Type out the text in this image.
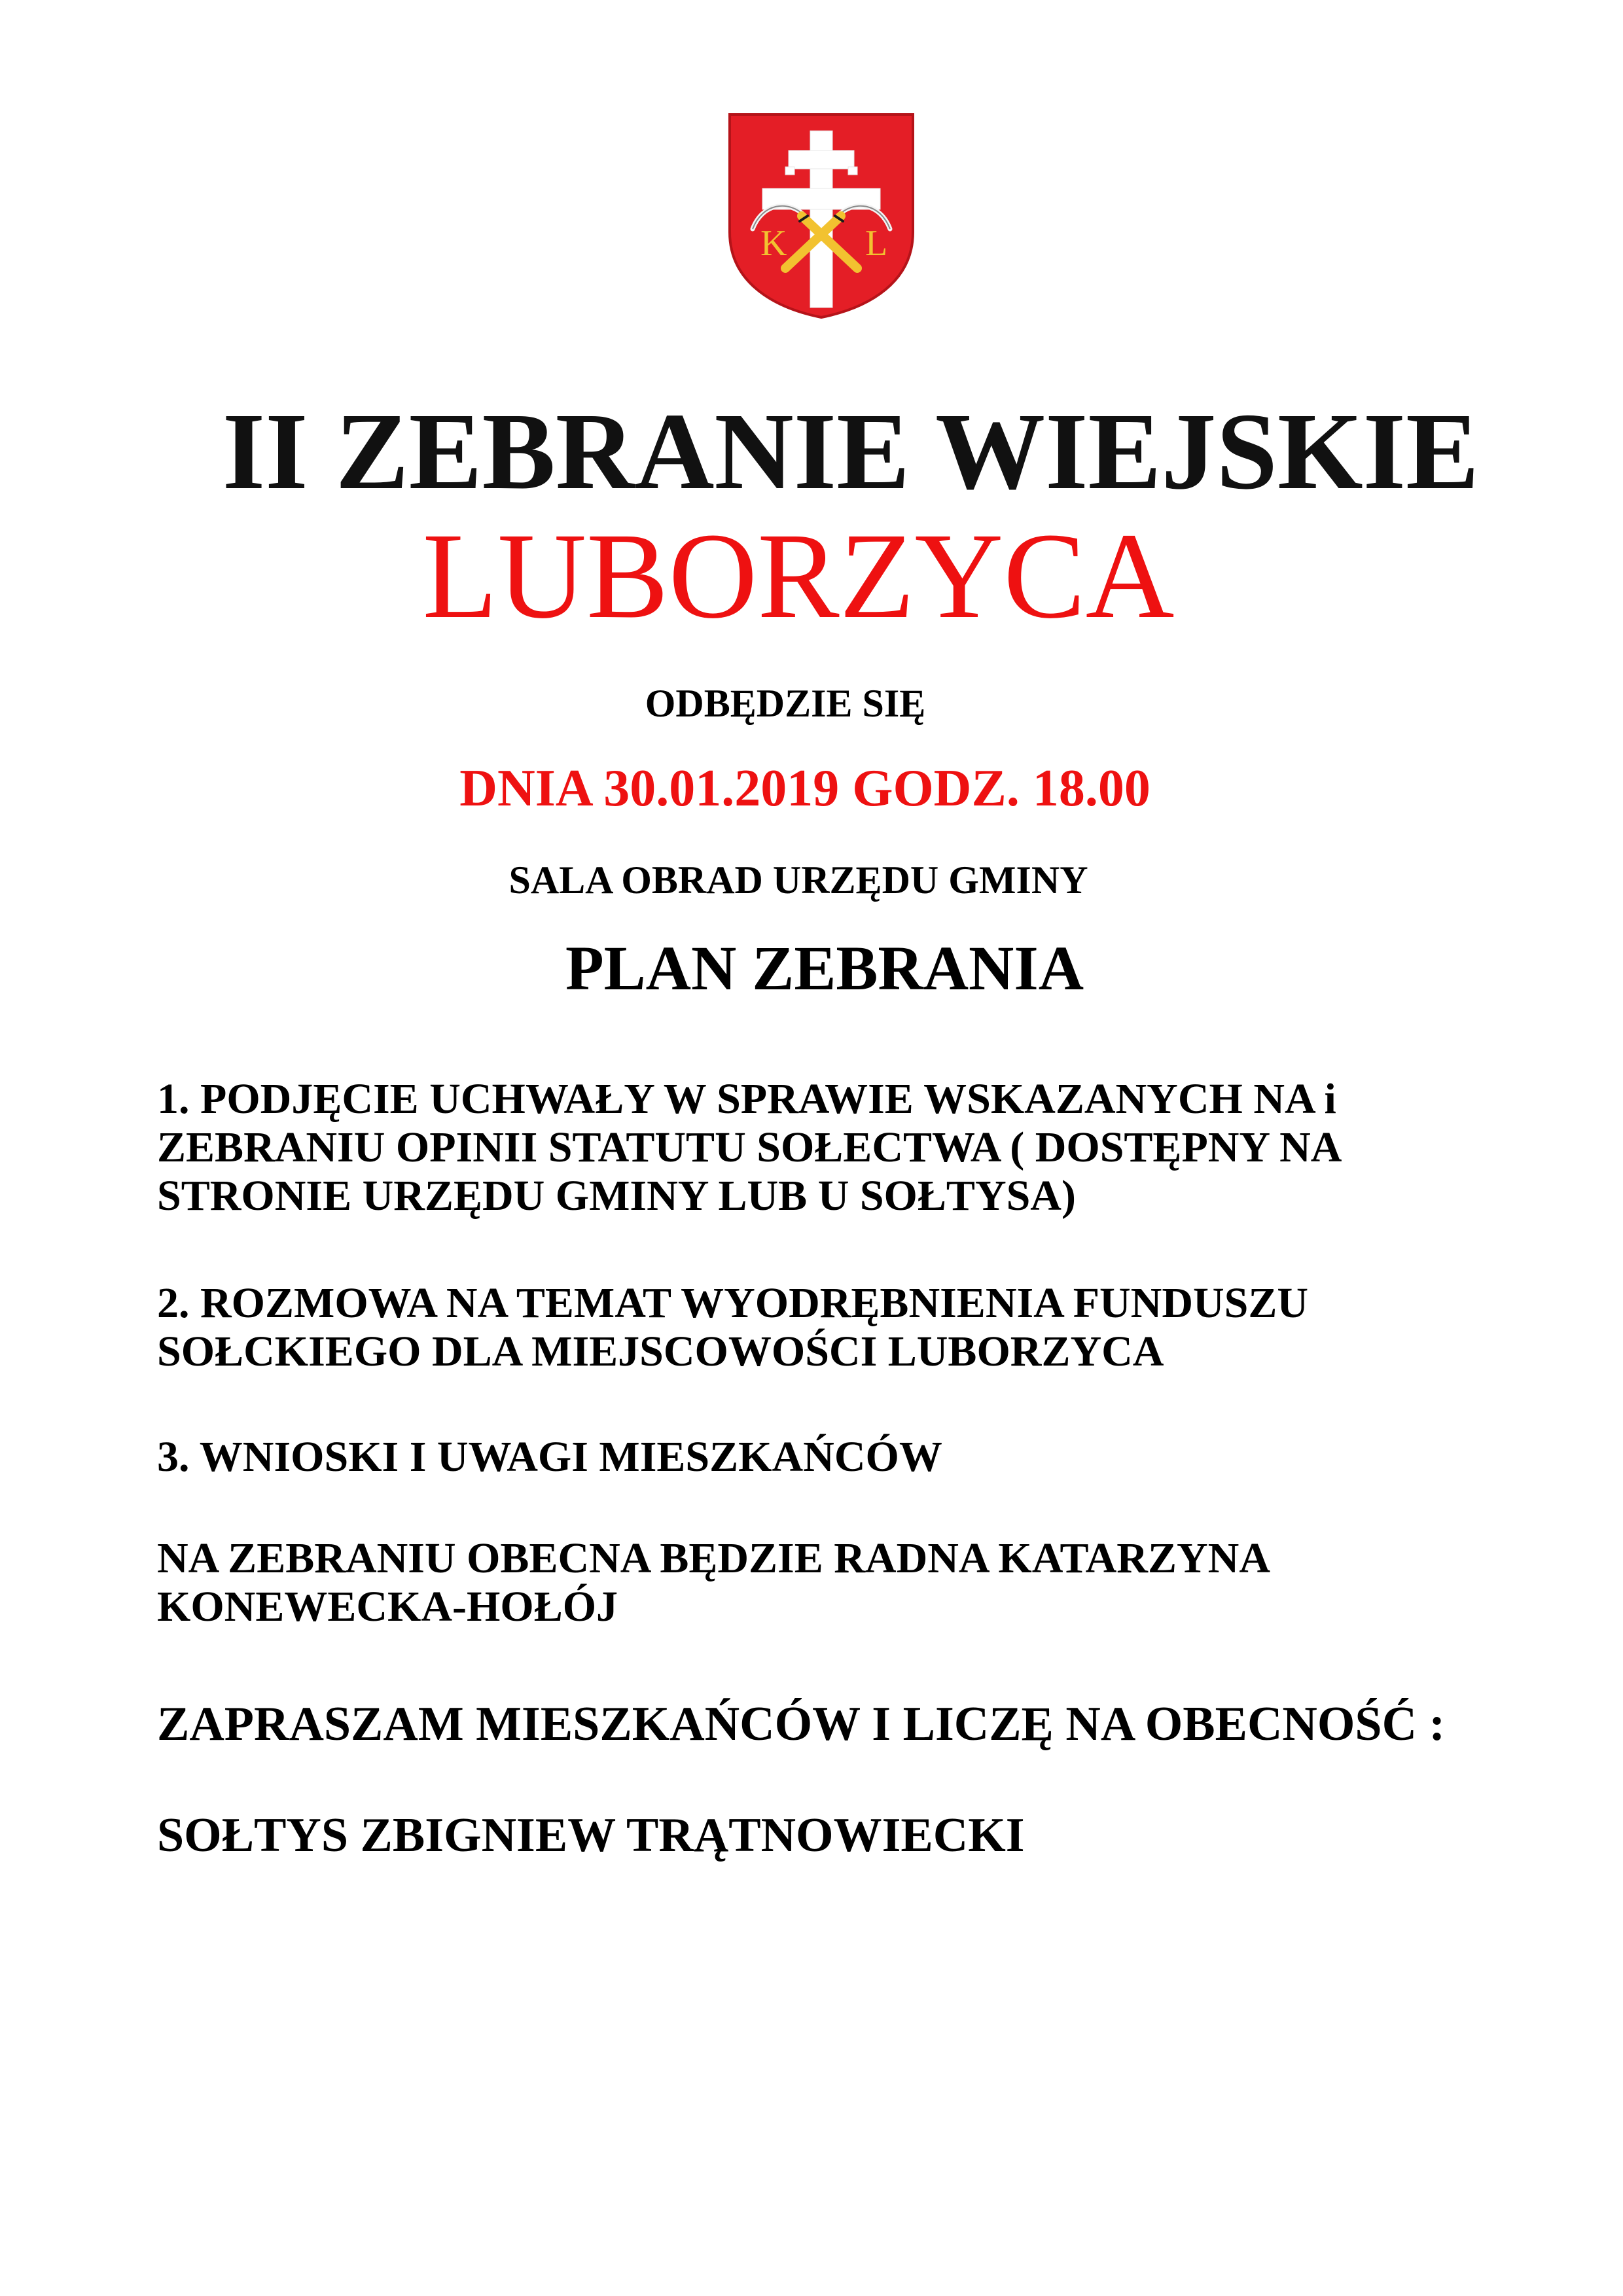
K L
II ZEBRANIE WIEJSKIE
LUBORZYCA
ODBĘDZIE SIĘ
DNIA 30.01.2019 GODZ. 18.00
SALA OBRAD URZĘDU GMINY
PLAN ZEBRANIA
1. PODJĘCIE UCHWAŁY W SPRAWIE WSKAZANYCH NA i
ZEBRANIU OPINII STATUTU SOŁECTWA ( DOSTĘPNY NA
STRONIE URZĘDU GMINY LUB U SOŁTYSA)
2. ROZMOWA NA TEMAT WYODRĘBNIENIA FUNDUSZU
SOŁCKIEGO DLA MIEJSCOWOŚCI LUBORZYCA
3. WNIOSKI I UWAGI MIESZKAŃCÓW
NA ZEBRANIU OBECNA BĘDZIE RADNA KATARZYNA
KONEWECKA-HOŁÓJ
ZAPRASZAM MIESZKAŃCÓW I LICZĘ NA OBECNOŚĆ :
SOŁTYS ZBIGNIEW TRĄTNOWIECKI
